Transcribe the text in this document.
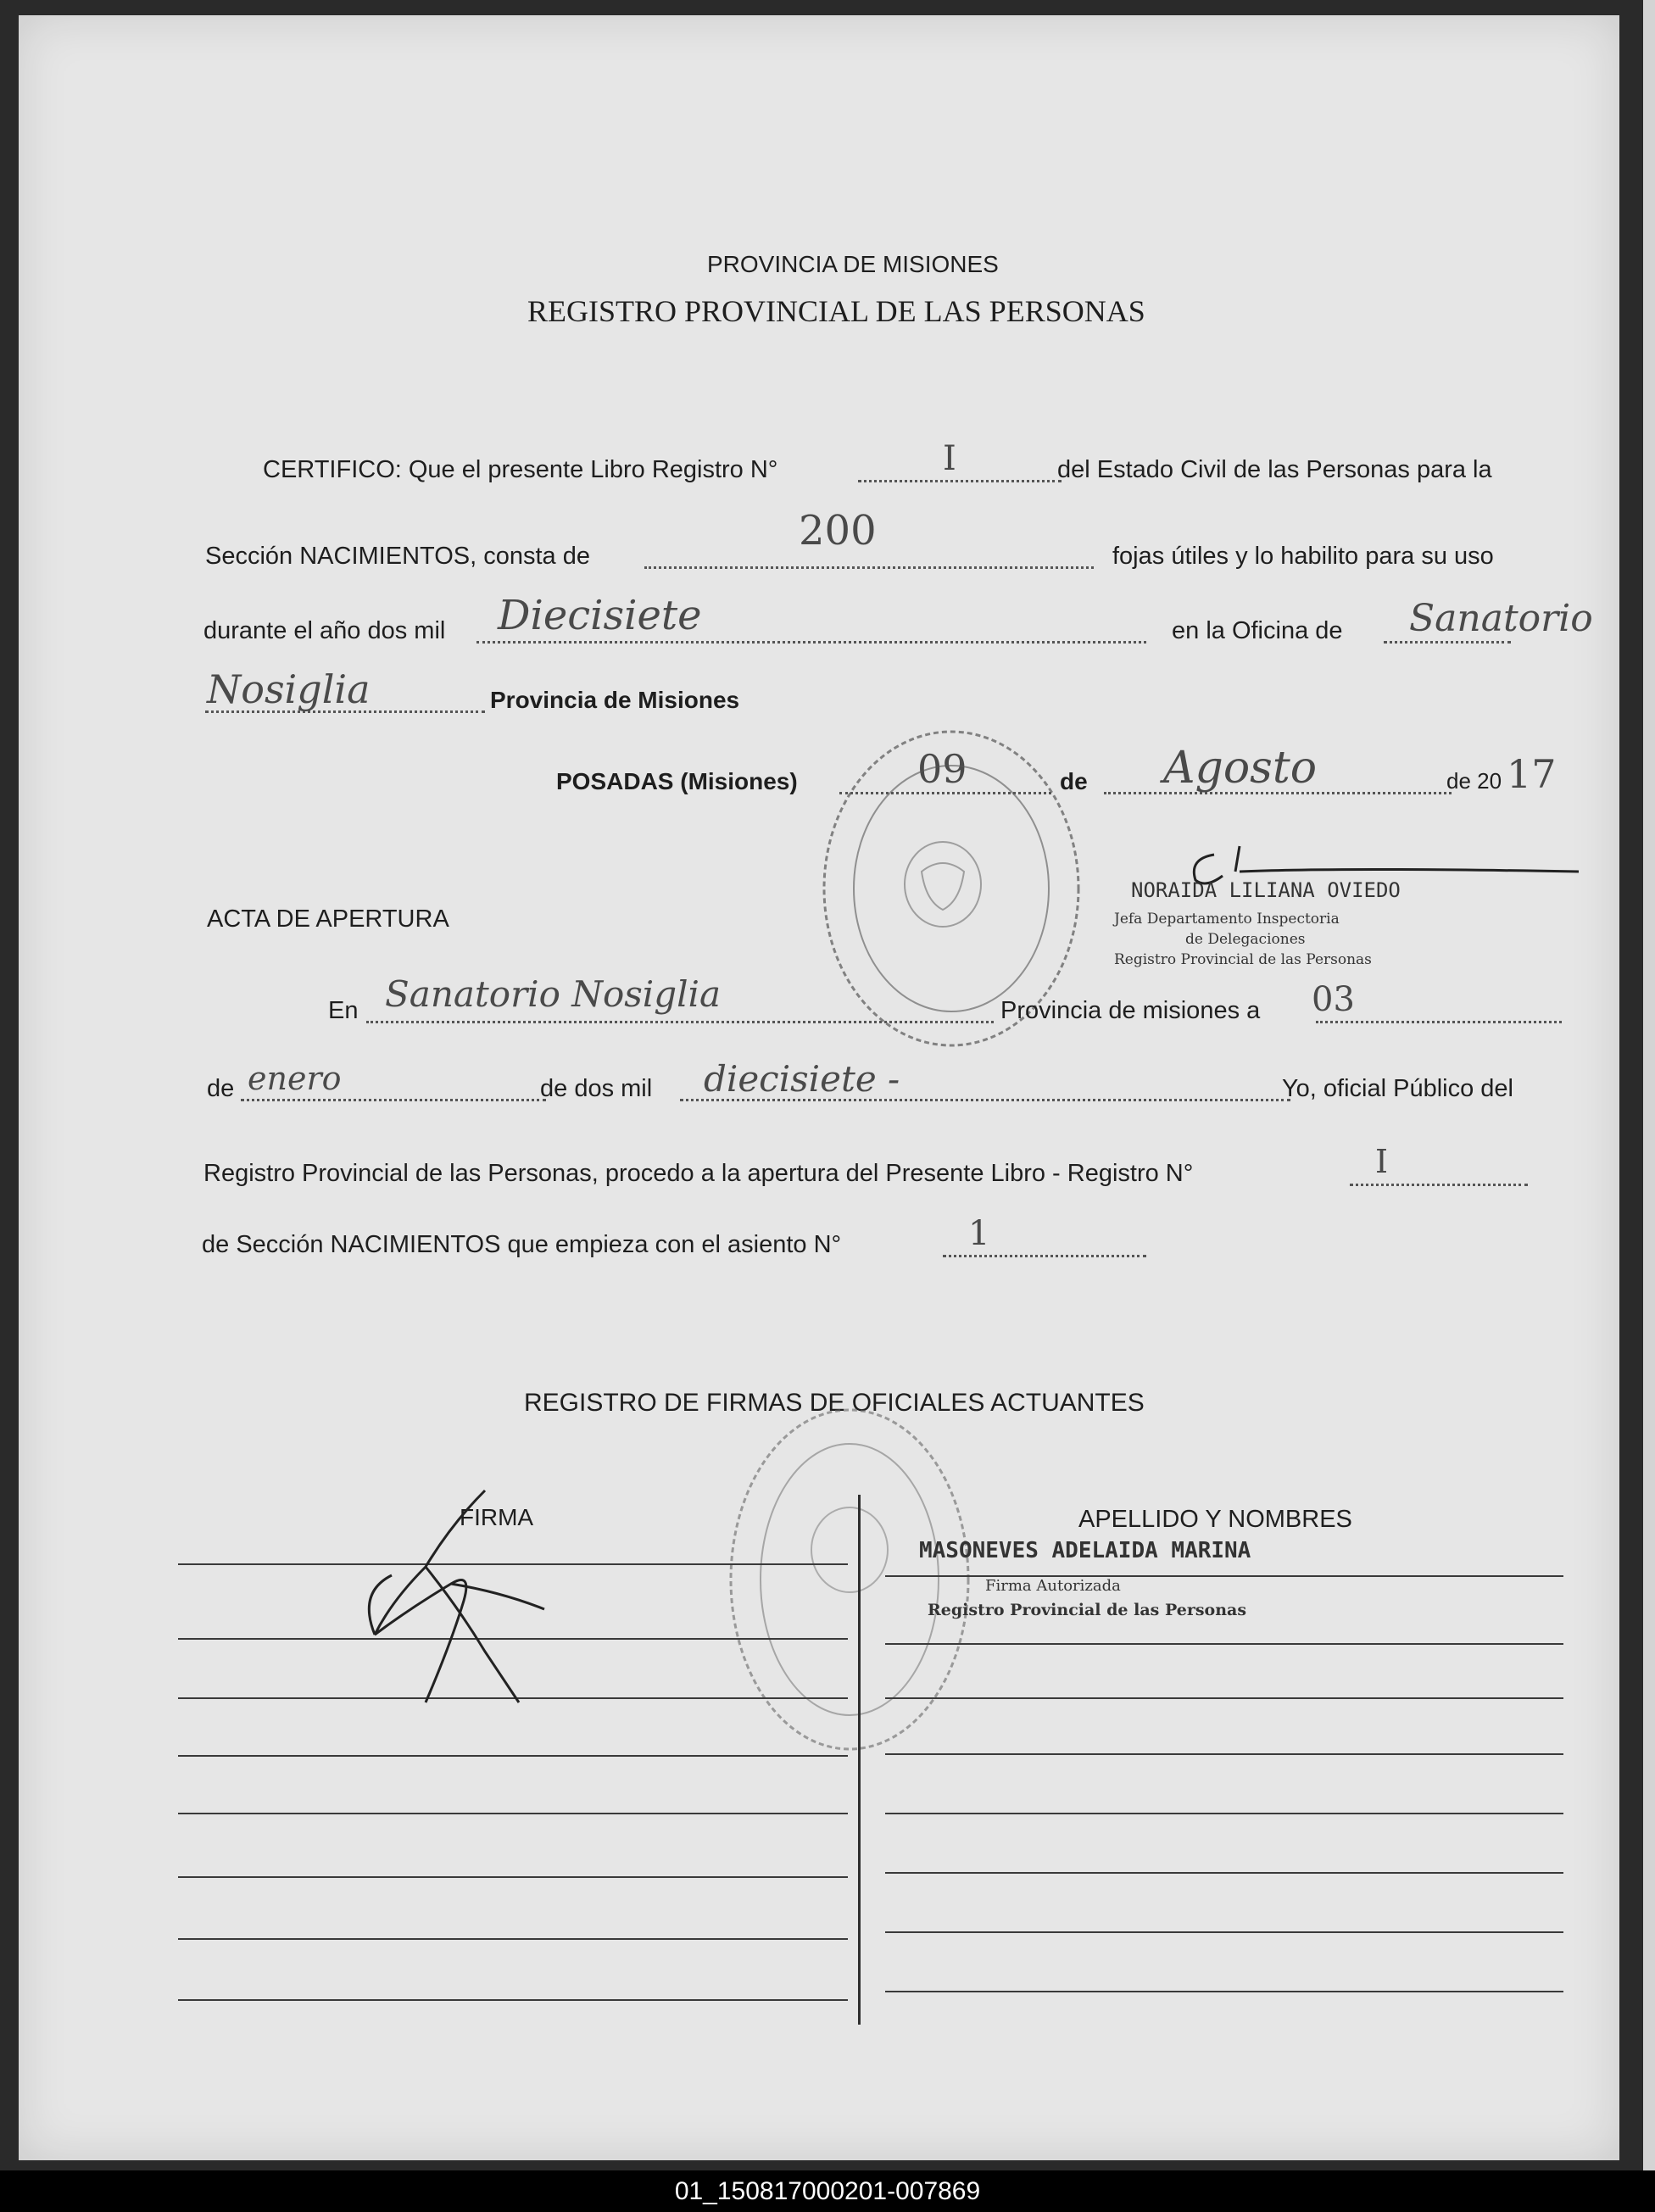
PROVINCIA DE MISIONES
REGISTRO PROVINCIAL DE LAS PERSONAS
CERTIFICO: Que el presente Libro Registro N°	I	del Estado Civil de las Personas para la
Sección NACIMIENTOS, consta de
200
fojas útiles y lo habilito para su uso
durante el año dos mil Diecisiete	en la Oficina de Sanatorio
Nosiglia	Provincia de Misiones
POSADAS (Misiones)	09	de Agosto	de 20 17
NORAIDA LILIANA OVIEDO
Jefa Departamento Inspectoria
de Delegaciones
Registro Provincial de las Personas
ACTA DE APERTURA
En Sanatorio Nosiglia	Provincia de misiones a 03
de enero	de dos mil diecisiete -	Yo, oficial Público del
Registro Provincial de las Personas, procedo a la apertura del Presente Libro - Registro N°	I
de Sección NACIMIENTOS que empieza con el asiento N°	1
REGISTRO DE FIRMAS DE OFICIALES ACTUANTES
FIRMA	APELLIDO Y NOMBRES
MASONEVES ADELAIDA MARINA
Firma Autorizada
Registro Provincial de las Personas
01_150817000201-007869
